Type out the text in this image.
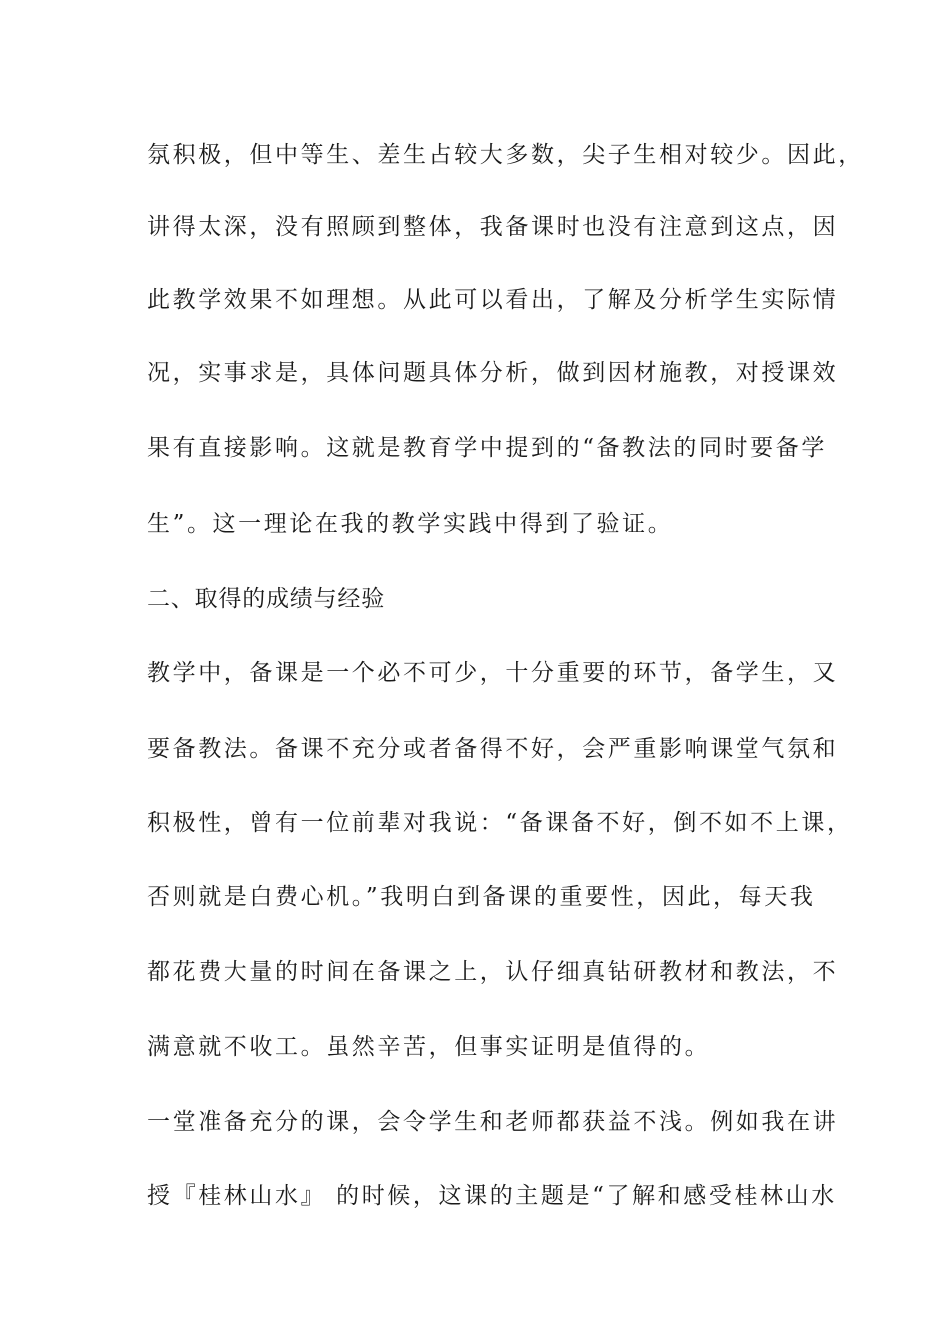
氛积极，但中等生、差生占较大多数，尖子生相对较少。因此，
讲得太深，没有照顾到整体，我备课时也没有注意到这点，因
此教学效果不如理想。从此可以看出，了解及分析学生实际情
况，实事求是，具体问题具体分析，做到因材施教，对授课效
果有直接影响。这就是教育学中提到的“备教法的同时要备学
生”。这一理论在我的教学实践中得到了验证。
二、取得的成绩与经验
教学中，备课是一个必不可少，十分重要的环节，备学生，又
要备教法。备课不充分或者备得不好，会严重影响课堂气氛和
积极性，曾有一位前辈对我说：“备课备不好，倒不如不上课，
否则就是白费心机。”我明白到备课的重要性，因此，每天我
都花费大量的时间在备课之上，认仔细真钻研教材和教法，不
满意就不收工。虽然辛苦，但事实证明是值得的。
一堂准备充分的课，会令学生和老师都获益不浅。例如我在讲
授『桂林山水』 的时候，这课的主题是“了解和感受桂林山水
